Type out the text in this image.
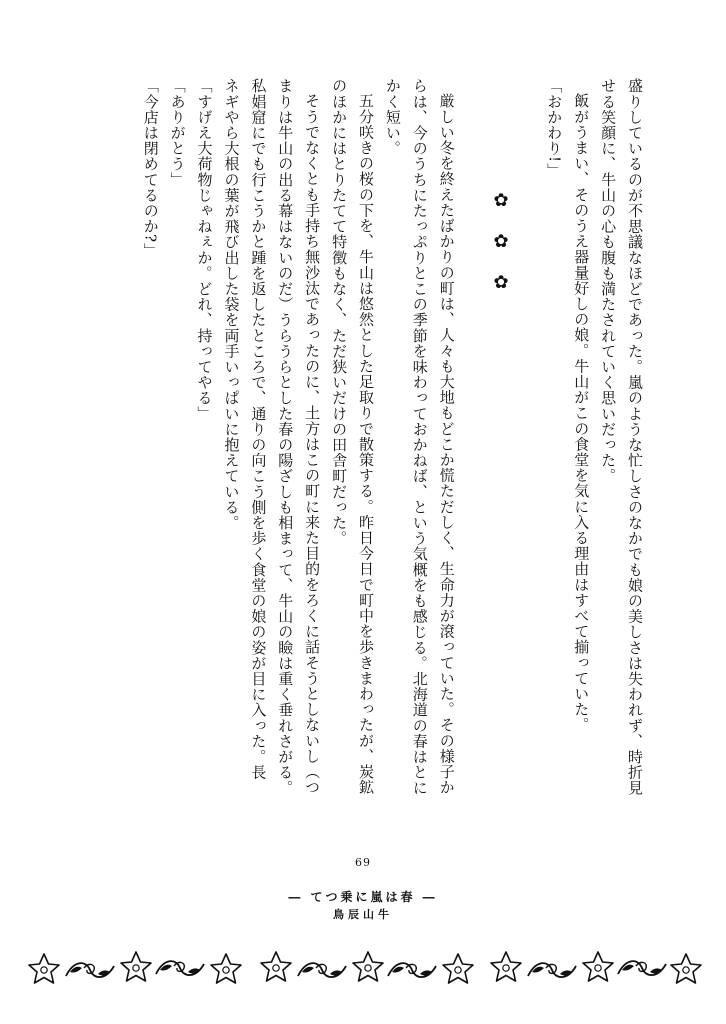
盛りしているのが不思議なほどであった。嵐のような忙しさのなかでも娘の美しさは失われず、時折見
せる笑顔に、牛山の心も腹も満たされていく思いだった。
飯がうまい、そのうえ器量好しの娘。牛山がこの食堂を気に入る理由はすべて揃っていた。
「おかわり!」
✿✿✿
厳しい冬を終えたばかりの町は、人々も大地もどこか慌ただしく、生命力が滾っていた。その様子か
らは、今のうちにたっぷりとこの季節を味わっておかねば、という気概をも感じる。北海道の春はとに
かく短い。
五分咲きの桜の下を、牛山は悠然とした足取りで散策する。昨日今日で町中を歩きまわったが、炭鉱
のほかにはとりたてて特徴もなく、ただ狭いだけの田舎町だった。
そうでなくとも手持ち無沙汰であったのに、土方はこの町に来た目的をろくに話そうとしないし（つ
まりは牛山の出る幕はないのだ）うらうらとした春の陽ざしも相まって、牛山の瞼は重く垂れさがる。
私娼窟にでも行こうかと踵を返したところで、通りの向こう側を歩く食堂の娘の姿が目に入った。長
ネギやら大根の葉が飛び出した袋を両手いっぱいに抱えている。
「すげえ大荷物じゃねぇか。どれ、持ってやる」
「ありがとう」
「今店は閉めてるのか?」
69
― てつ乗に嵐は春 ―
鳥辰山牛
